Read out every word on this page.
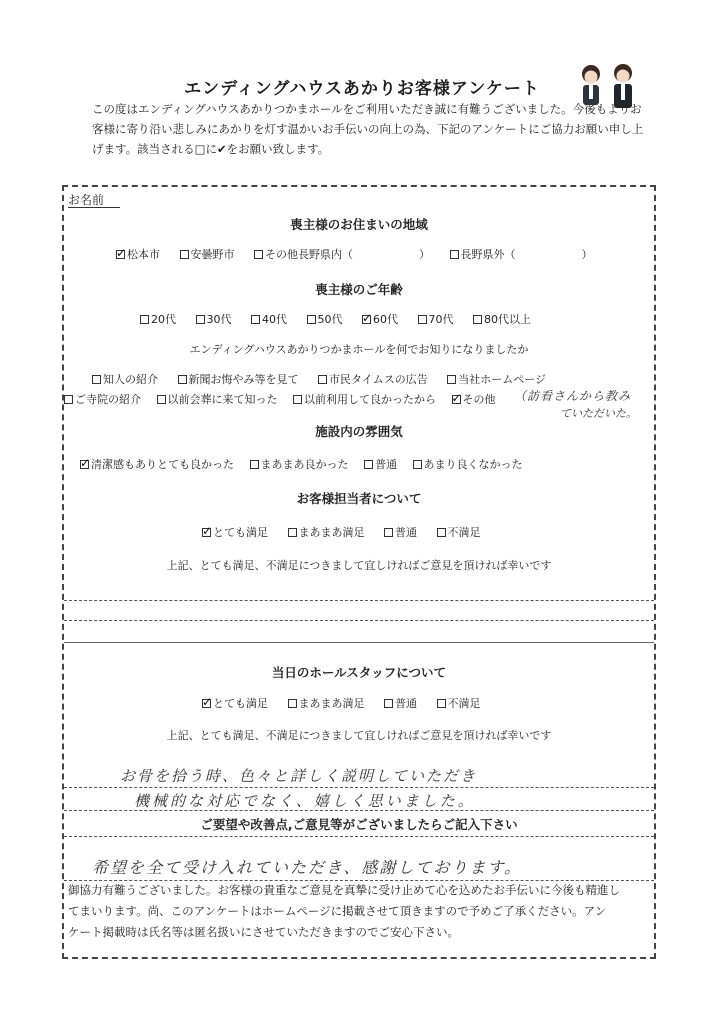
エンディングハウスあかりお客様アンケート
この度はエンディングハウスあかりつかまホールをご利用いただき誠に有難うございました。今後もよりお
客様に寄り沿い悲しみにあかりを灯す温かいお手伝いの向上の為、下記のアンケートにご協力お願い申し上
げます。該当される□に✔をお願い致します。
お名前
喪主様のお住まいの地域
✓松本市	安曇野市	その他長野県内（　　　　　　）	長野県外（　　　　　　）
喪主様のご年齢
20代	30代	40代	50代 ✓	60代	70代	80代以上
エンディングハウスあかりつかまホールを何でお知りになりましたか
知人の紹介	新聞お悔やみ等を見て	市民タイムスの広告	当社ホームページ
ご寺院の紹介 以前会葬に来て知った 以前利用して良かったから ✓ その他 （訪看さんから教み
ていただいた。
施設内の雰囲気
✓清潔感もありとても良かった まあまあ良かった 普通 あまり良くなかった
お客様担当者について
✓とても満足	まあまあ満足	普通	不満足
上記、とても満足、不満足につきまして宜しければご意見を頂ければ幸いです
当日のホールスタッフについて
✓とても満足	まあまあ満足	普通	不満足
上記、とても満足、不満足につきまして宜しければご意見を頂ければ幸いです
お骨を拾う時、色々と詳しく説明していただき
機械的な対応でなく、嬉しく思いました。
ご要望や改善点,ご意見等がございましたらご記入下さい
希望を全て受け入れていただき、感謝しております。
御協力有難うございました。お客様の貴重なご意見を真摯に受け止めて心を込めたお手伝いに今後も精進し
てまいります。尚、このアンケートはホームページに掲載させて頂きますので予めご了承ください。アン
ケート掲載時は氏名等は匿名扱いにさせていただきますのでご安心下さい。
